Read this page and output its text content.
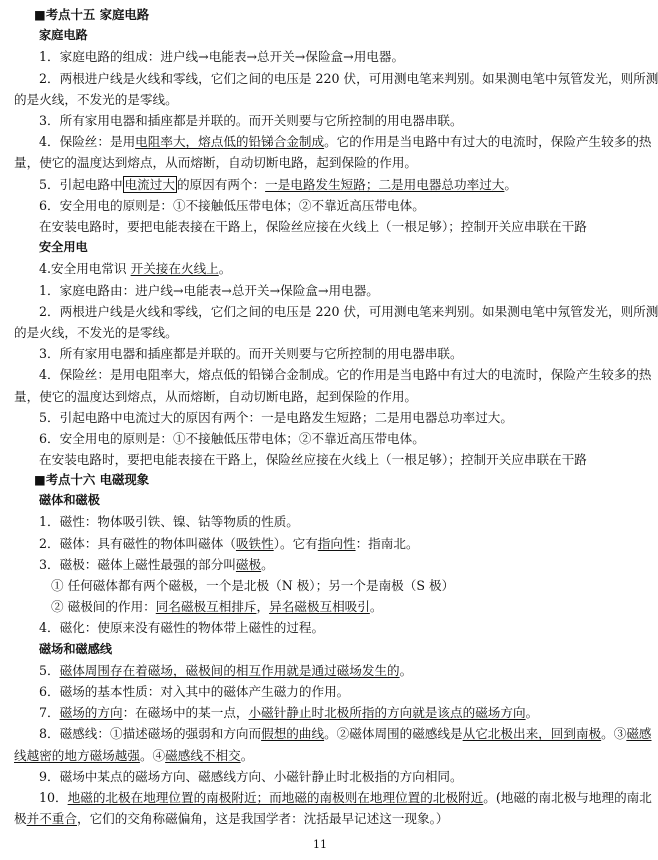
■考点十五 家庭电路
家庭电路
1．家庭电路的组成：进户线→电能表→总开关→保险盒→用电器。
2．两根进户线是火线和零线，它们之间的电压是 220 伏，可用测电笔来判别。如果测电笔中氖管发光，则所测
的是火线，不发光的是零线。
3．所有家用电器和插座都是并联的。而开关则要与它所控制的用电器串联。
4．保险丝：是用电阻率大，熔点低的铅锑合金制成。它的作用是当电路中有过大的电流时，保险产生较多的热
量，使它的温度达到熔点，从而熔断，自动切断电路，起到保险的作用。
5．引起电路中 电流过大 的原因有两个：一是电路发生短路；二是用电器总功率过大。
6．安全用电的原则是：①不接触低压带电体；②不靠近高压带电体。
在安装电路时，要把电能表接在干路上，保险丝应接在火线上（一根足够）；控制开关应串联在干路
安全用电
4.安全用电常识 开关接在火线上。
1．家庭电路由：进户线→电能表→总开关→保险盒→用电器。
2．两根进户线是火线和零线，它们之间的电压是 220 伏，可用测电笔来判别。如果测电笔中氖管发光，则所测
的是火线，不发光的是零线。
3．所有家用电器和插座都是并联的。而开关则要与它所控制的用电器串联。
4．保险丝：是用电阻率大，熔点低的铅锑合金制成。它的作用是当电路中有过大的电流时，保险产生较多的热
量，使它的温度达到熔点，从而熔断，自动切断电路，起到保险的作用。
5．引起电路中电流过大的原因有两个：一是电路发生短路；二是用电器总功率过大。
6．安全用电的原则是：①不接触低压带电体；②不靠近高压带电体。
在安装电路时，要把电能表接在干路上，保险丝应接在火线上（一根足够）；控制开关应串联在干路
■考点十六 电磁现象
磁体和磁极
1．磁性：物体吸引铁、镍、钴等物质的性质。
2．磁体：具有磁性的物体叫磁体（吸铁性）。它有指向性：指南北。
3．磁极：磁体上磁性最强的部分叫磁极。
① 任何磁体都有两个磁极，一个是北极（N 极）；另一个是南极（S 极）
② 磁极间的作用：同名磁极互相排斥，异名磁极互相吸引。
4．磁化：使原来没有磁性的物体带上磁性的过程。
磁场和磁感线
5．磁体周围存在着磁场，磁极间的相互作用就是通过磁场发生的。
6．磁场的基本性质：对入其中的磁体产生磁力的作用。
7．磁场的方向：在磁场中的某一点，小磁针静止时北极所指的方向就是该点的磁场方向。
8．磁感线：①描述磁场的强弱和方向而假想的曲线。②磁体周围的磁感线是从它北极出来，回到南极。③磁感
线越密的地方磁场越强。④磁感线不相交。
9．磁场中某点的磁场方向、磁感线方向、小磁针静止时北极指的方向相同。
10．地磁的北极在地理位置的南极附近；而地磁的南极则在地理位置的北极附近。(地磁的南北极与地理的南北
极并不重合，它们的交角称磁偏角，这是我国学者：沈括最早记述这一现象。）
11
